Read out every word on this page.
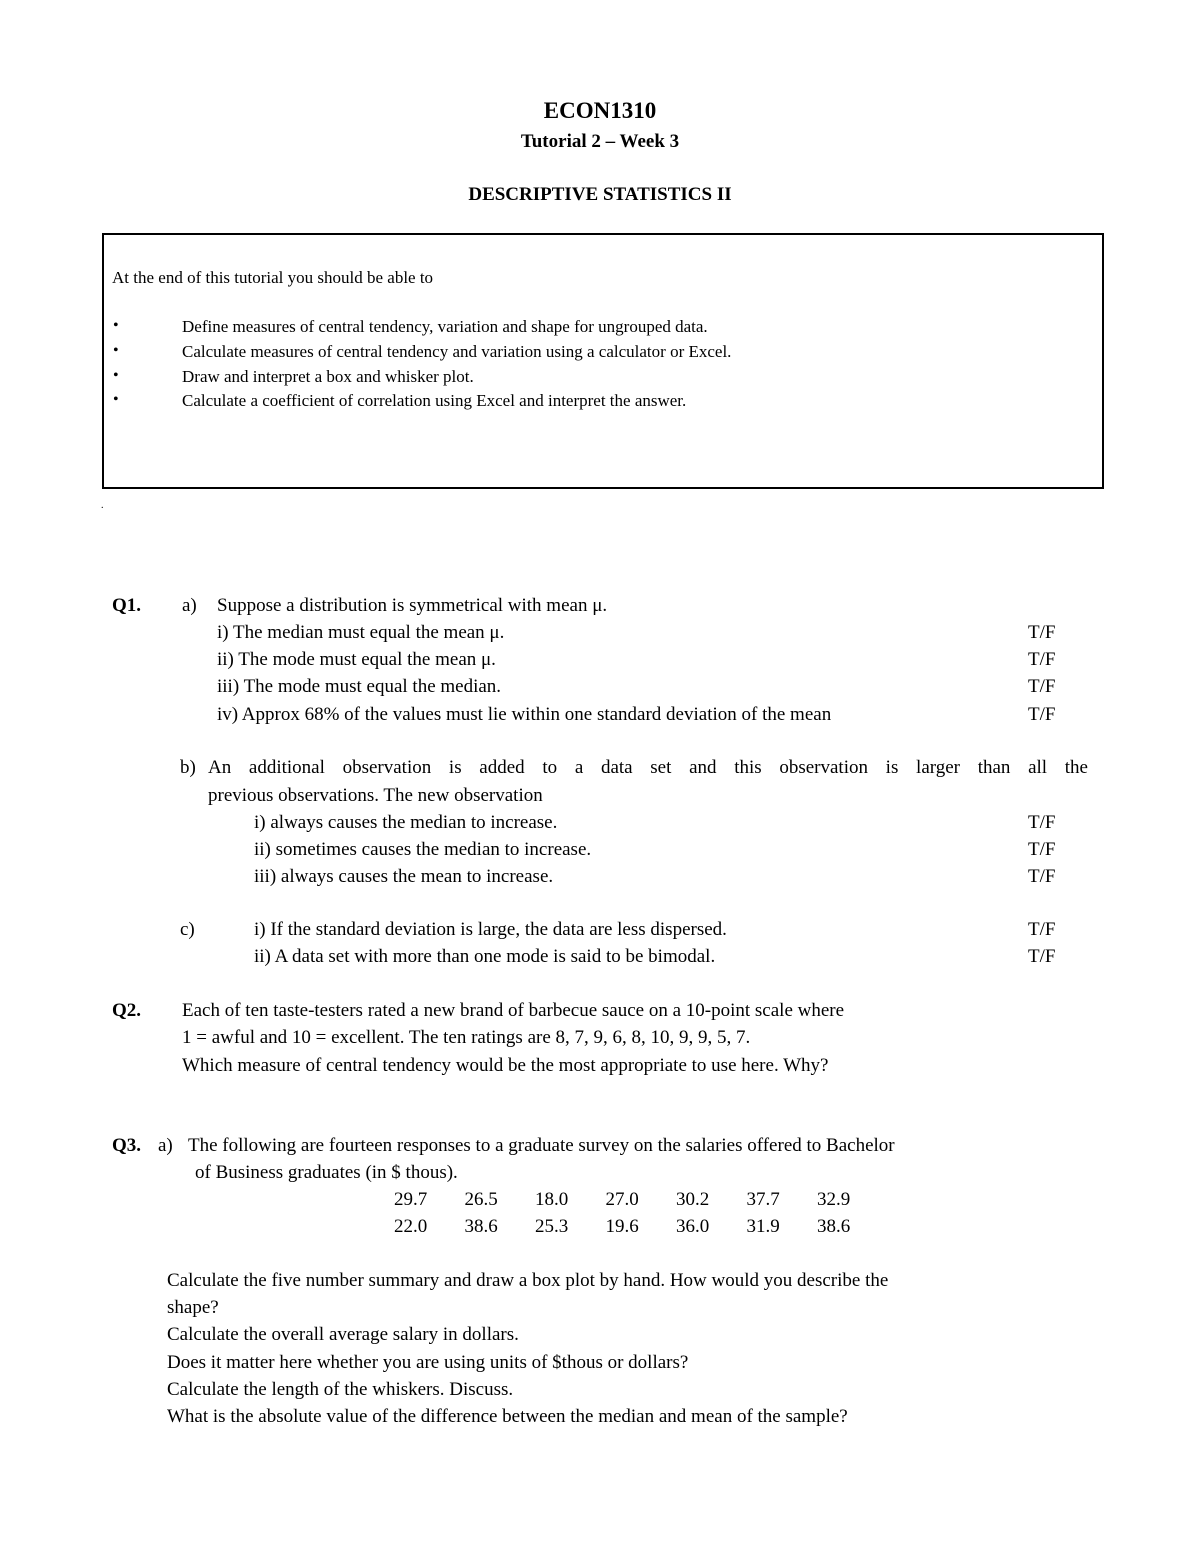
ECON1310
Tutorial 2 – Week 3
DESCRIPTIVE STATISTICS II
At the end of this tutorial you should be able to
•	Define measures of central tendency, variation and shape for ungrouped data.
•	Calculate measures of central tendency and variation using a calculator or Excel.
•	Draw and interpret a box and whisker plot.
•	Calculate a coefficient of correlation using Excel and interpret the answer.
.
Q1. a) Suppose a distribution is symmetrical with mean μ.
i) The median must equal the mean μ.	T/F
ii) The mode must equal the mean μ.	T/F
iii) The mode must equal the median.	T/F
iv) Approx 68% of the values must lie within one standard deviation of the mean	T/F
b) An additional observation is added to a data set and this observation is larger than all the
previous observations. The new observation
i) always causes the median to increase.	T/F
ii) sometimes causes the median to increase.	T/F
iii) always causes the mean to increase.	T/F
c)	i) If the standard deviation is large, the data are less dispersed.	T/F
ii) A data set with more than one mode is said to be bimodal.	T/F
Q2. Each of ten taste-testers rated a new brand of barbecue sauce on a 10-point scale where
1 = awful and 10 = excellent. The ten ratings are 8, 7, 9, 6, 8, 10, 9, 9, 5, 7.
Which measure of central tendency would be the most appropriate to use here. Why?
Q3. a) The following are fourteen responses to a graduate survey on the salaries offered to Bachelor
of Business graduates (in $ thous).
29.7 26.5 18.0 27.0 30.2 37.7 32.9
22.0 38.6 25.3 19.6 36.0 31.9 38.6
Calculate the five number summary and draw a box plot by hand. How would you describe the
shape?
Calculate the overall average salary in dollars.
Does it matter here whether you are using units of $thous or dollars?
Calculate the length of the whiskers. Discuss.
What is the absolute value of the difference between the median and mean of the sample?
